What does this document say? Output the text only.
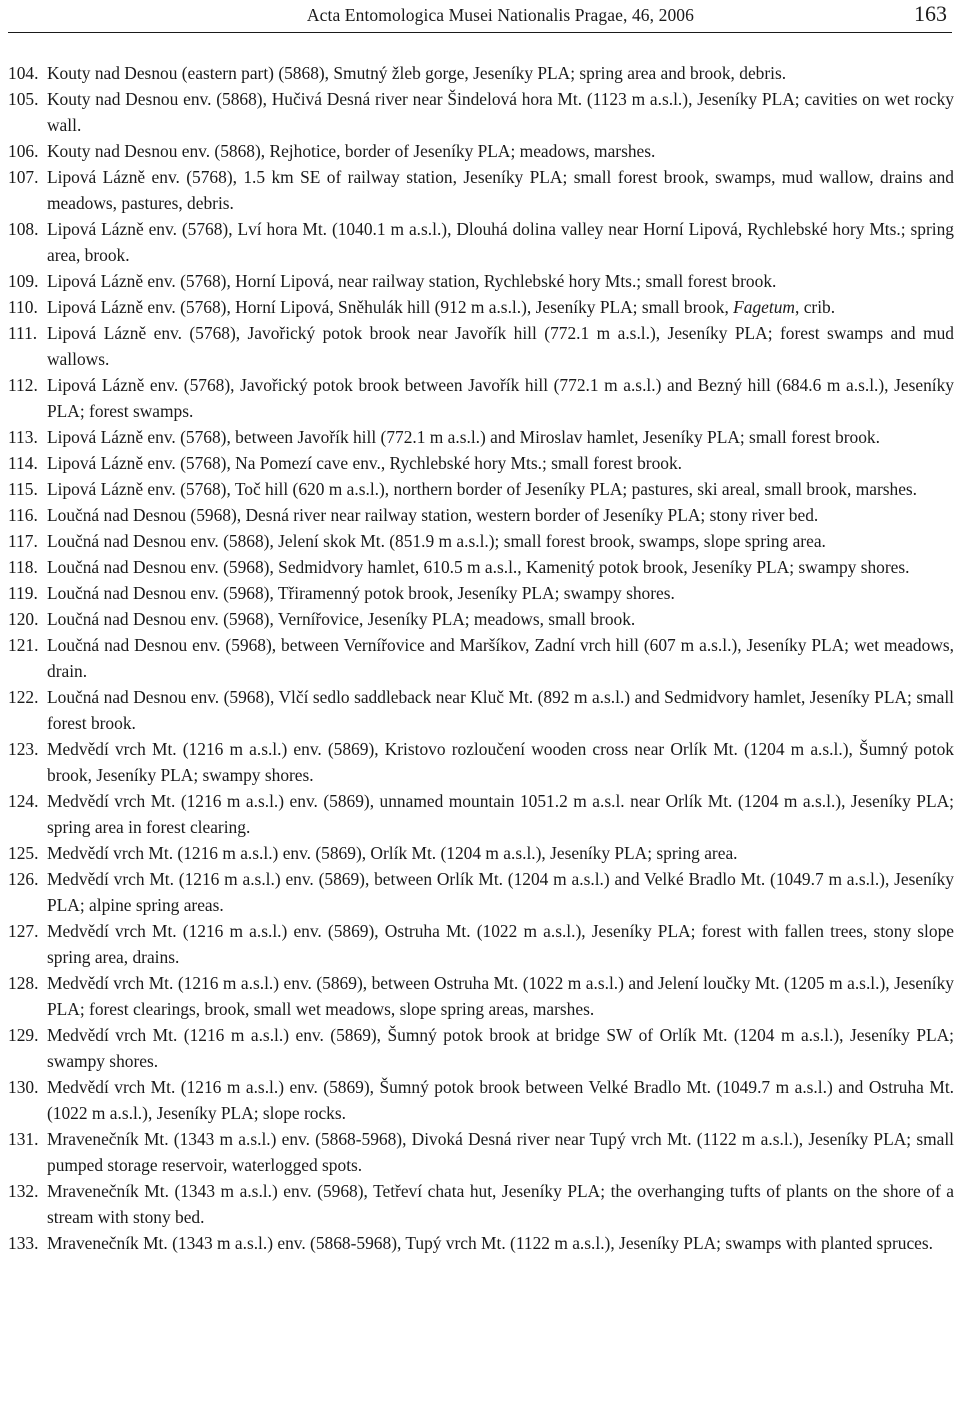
Acta Entomologica Musei Nationalis Pragae, 46, 2006	163

104. Kouty nad Desnou (eastern part) (5868), Smutný žleb gorge, Jeseníky PLA; spring area and brook, debris.

105. Kouty nad Desnou env. (5868), Hučivá Desná river near Šindelová hora Mt. (1123 m a.s.l.), Jeseníky PLA; cavities on wet rocky wall.

106. Kouty nad Desnou env. (5868), Rejhotice, border of Jeseníky PLA; meadows, marshes.

107. Lipová Lázně env. (5768), 1.5 km SE of railway station, Jeseníky PLA; small forest brook, swamps, mud wallow, drains and meadows, pastures, debris.

108. Lipová Lázně env. (5768), Lví hora Mt. (1040.1 m a.s.l.), Dlouhá dolina valley near Horní Lipová, Rychlebské hory Mts.; spring area, brook.

109. Lipová Lázně env. (5768), Horní Lipová, near railway station, Rychlebské hory Mts.; small forest brook.

110. Lipová Lázně env. (5768), Horní Lipová, Sněhulák hill (912 m a.s.l.), Jeseníky PLA; small brook, Fagetum, crib.

111. Lipová Lázně env. (5768), Javořický potok brook near Javořík hill (772.1 m a.s.l.), Jeseníky PLA; forest swamps and mud wallows.

112. Lipová Lázně env. (5768), Javořický potok brook between Javořík hill (772.1 m a.s.l.) and Bezný hill (684.6 m a.s.l.), Jeseníky PLA; forest swamps.

113. Lipová Lázně env. (5768), between Javořík hill (772.1 m a.s.l.) and Miroslav hamlet, Jeseníky PLA; small forest brook.

114. Lipová Lázně env. (5768), Na Pomezí cave env., Rychlebské hory Mts.; small forest brook.

115. Lipová Lázně env. (5768), Toč hill (620 m a.s.l.), northern border of Jeseníky PLA; pastures, ski areal, small brook, marshes.

116. Loučná nad Desnou (5968), Desná river near railway station, western border of Jeseníky PLA; stony river bed.

117. Loučná nad Desnou env. (5868), Jelení skok Mt. (851.9 m a.s.l.); small forest brook, swamps, slope spring area.

118. Loučná nad Desnou env. (5968), Sedmidvory hamlet, 610.5 m a.s.l., Kamenitý potok brook, Jeseníky PLA; swampy shores.

119. Loučná nad Desnou env. (5968), Třiramenný potok brook, Jeseníky PLA; swampy shores.

120. Loučná nad Desnou env. (5968), Vernířovice, Jeseníky PLA; meadows, small brook.

121. Loučná nad Desnou env. (5968), between Vernířovice and Maršíkov, Zadní vrch hill (607 m a.s.l.), Jeseníky PLA; wet meadows, drain.

122. Loučná nad Desnou env. (5968), Vlčí sedlo saddleback near Kluč Mt. (892 m a.s.l.) and Sedmidvory hamlet, Jeseníky PLA; small forest brook.

123. Medvědí vrch Mt. (1216 m a.s.l.) env. (5869), Kristovo rozloučení wooden cross near Orlík Mt. (1204 m a.s.l.), Šumný potok brook, Jeseníky PLA; swampy shores.

124. Medvědí vrch Mt. (1216 m a.s.l.) env. (5869), unnamed mountain 1051.2 m a.s.l. near Orlík Mt. (1204 m a.s.l.), Jeseníky PLA; spring area in forest clearing.

125. Medvědí vrch Mt. (1216 m a.s.l.) env. (5869), Orlík Mt. (1204 m a.s.l.), Jeseníky PLA; spring area.

126. Medvědí vrch Mt. (1216 m a.s.l.) env. (5869), between Orlík Mt. (1204 m a.s.l.) and Velké Bradlo Mt. (1049.7 m a.s.l.), Jeseníky PLA; alpine spring areas.

127. Medvědí vrch Mt. (1216 m a.s.l.) env. (5869), Ostruha Mt. (1022 m a.s.l.), Jeseníky PLA; forest with fallen trees, stony slope spring area, drains.

128. Medvědí vrch Mt. (1216 m a.s.l.) env. (5869), between Ostruha Mt. (1022 m a.s.l.) and Jelení loučky Mt. (1205 m a.s.l.), Jeseníky PLA; forest clearings, brook, small wet meadows, slope spring areas, marshes.

129. Medvědí vrch Mt. (1216 m a.s.l.) env. (5869), Šumný potok brook at bridge SW of Orlík Mt. (1204 m a.s.l.), Jeseníky PLA; swampy shores.

130. Medvědí vrch Mt. (1216 m a.s.l.) env. (5869), Šumný potok brook between Velké Bradlo Mt. (1049.7 m a.s.l.) and Ostruha Mt. (1022 m a.s.l.), Jeseníky PLA; slope rocks.

131. Mravenečník Mt. (1343 m a.s.l.) env. (5868-5968), Divoká Desná river near Tupý vrch Mt. (1122 m a.s.l.), Jeseníky PLA; small pumped storage reservoir, waterlogged spots.

132. Mravenečník Mt. (1343 m a.s.l.) env. (5968), Tetřeví chata hut, Jeseníky PLA; the overhanging tufts of plants on the shore of a stream with stony bed.

133. Mravenečník Mt. (1343 m a.s.l.) env. (5868-5968), Tupý vrch Mt. (1122 m a.s.l.), Jeseníky PLA; swamps with planted spruces.
